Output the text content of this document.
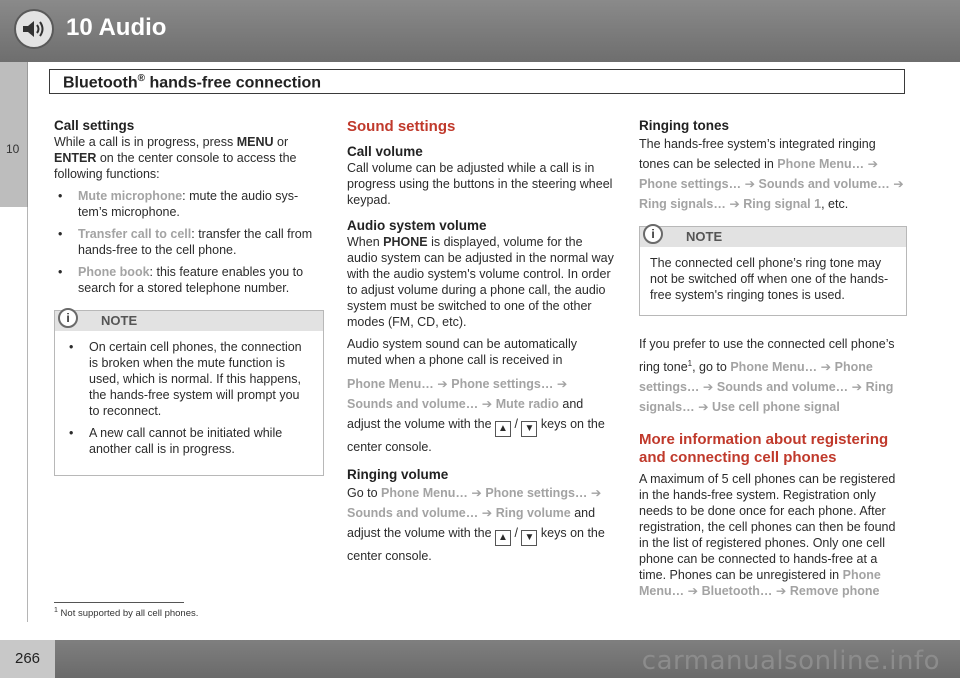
10 Audio
10
Bluetooth® hands-free connection
Call settings

While a call is in progress, press MENU or ENTER on the center console to access the following functions:

• Mute microphone: mute the audio sys-tem’s microphone.
• Transfer call to cell: transfer the call from hands-free to the cell phone.
• Phone book: this feature enables you to search for a stored telephone number.
i	NOTE
• On certain cell phones, the connection is broken when the mute function is used, which is normal. If this happens, the hands-free system will prompt you to reconnect.
• A new call cannot be initiated while another call is in progress.
Sound settings
Call volume

Call volume can be adjusted while a call is in progress using the buttons in the steering wheel keypad.

Audio system volume

When PHONE is displayed, volume for the audio system can be adjusted in the normal way with the audio system's volume control. In order to adjust volume during a phone call, the audio system must be switched to one of the other modes (FM, CD, etc).

Audio system sound can be automatically muted when a phone call is received in

Phone Menu… ➔ Phone settings… ➔
Sounds and volume… ➔ Mute radio and
adjust the volume with the ▲ / ▼ keys on the center console.

Ringing volume

Go to Phone Menu… ➔ Phone settings… ➔
Sounds and volume… ➔ Ring volume and
adjust the volume with the ▲ / ▼ keys on the center console.

Ringing tones

The hands-free system’s integrated ringing tones can be selected in Phone Menu… ➔ Phone settings… ➔ Sounds and volume… ➔ Ring signals… ➔ Ring signal 1, etc.

i	NOTE
The connected cell phone’s ring tone may not be switched off when one of the hands-free system's ringing tones is used.

If you prefer to use the connected cell phone’s ring tone$^1$, go to Phone Menu… ➔ Phone settings… ➔ Sounds and volume… ➔ Ring signals… ➔ Use cell phone signal

More information about registering and connecting cell phones

A maximum of 5 cell phones can be registered in the hands-free system. Registration only needs to be done once for each phone. After registration, the cell phones can then be found in the list of registered phones. Only one cell phone can be connected to hands-free at a time. Phones can be unregistered in Phone Menu… ➔ Bluetooth… ➔ Remove phone

$^1$ Not supported by all cell phones.
266	carmanualsonline.info
